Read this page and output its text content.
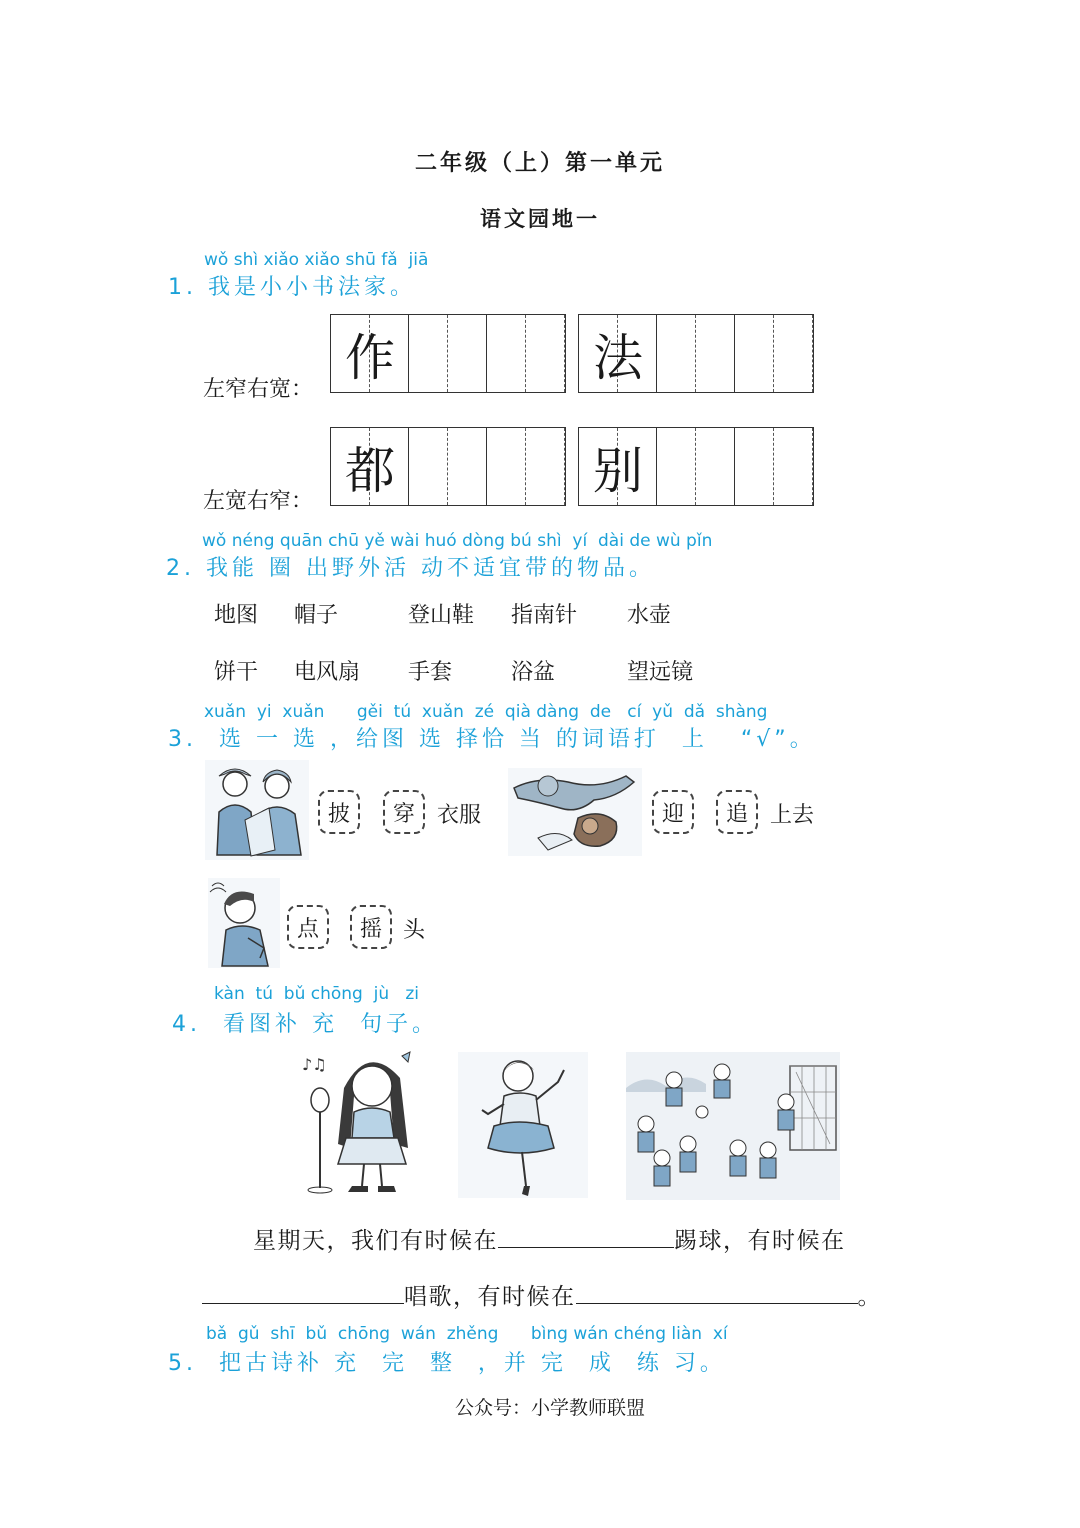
二年级（上）第一单元
语文园地一
wǒ shì xiǎo xiǎo shū fǎ  jiā
1. 我是小小书法家。
左窄右宽：
作	法
左宽右窄：
都	别
wǒ néng quān chū yě wài huó dòng bú shì  yí  dài de wù pǐn
2. 我能 圈 出野外活 动不适宜带的物品。
地图 帽子	登山鞋 指南针 水壶
饼干 电风扇 手套	浴盆	望远镜
xuǎn  yi  xuǎn      gěi  tú  xuǎn  zé  qià dàng  de   cí  yǔ  dǎ  shàng
3.  选 一 选 ，给图 选 择恰 当 的词语打  上   “√”。
披	穿	衣服	迎	追	上去
点	摇 头
kàn  tú  bǔ chōng  jù   zi
4.  看图补 充  句子。
♪♫
星期天，我们有时候在	踢球，有时候在
唱歌，有时候在	。
bǎ  gǔ  shī  bǔ  chōng  wán  zhěng      bìng wán chéng liàn  xí
5.  把古诗补 充  完  整  ，并 完  成  练 习。
公众号：小学教师联盟
